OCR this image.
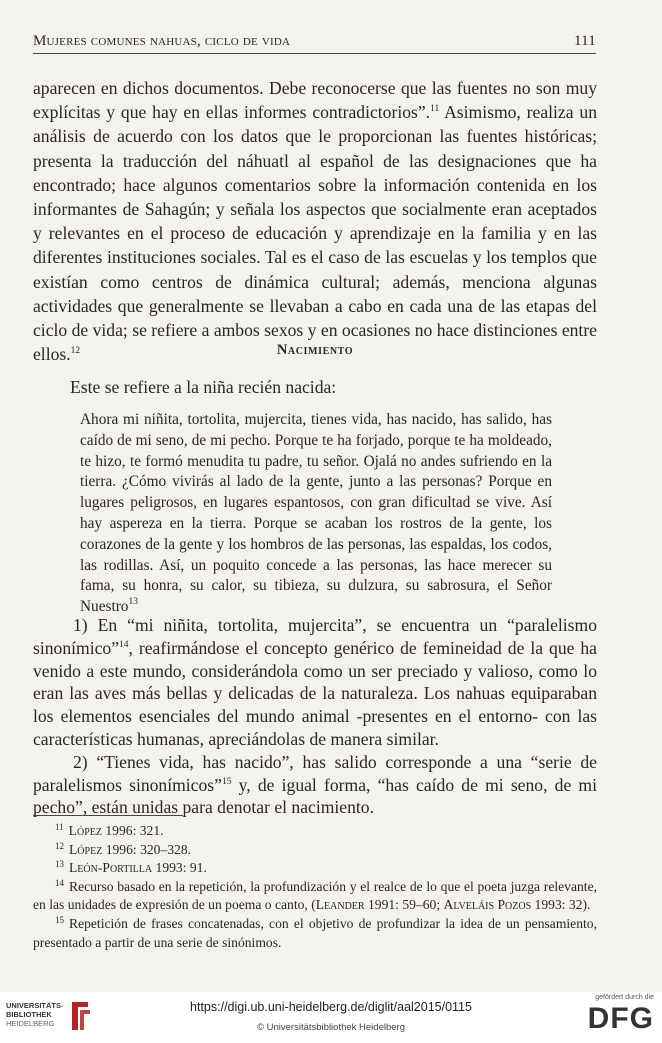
Mujeres comunes nahuas, ciclo de vida	111

aparecen en dichos documentos. Debe reconocerse que las fuentes no son muy explícitas y que hay en ellas informes contradictorios”.$^{11}$ Asimismo, realiza un análisis de acuerdo con los datos que le proporcionan las fuentes históricas; presenta la traducción del náhuatl al español de las designaciones que ha encontrado; hace algunos comentarios sobre la información contenida en los informantes de Sahagún; y señala los aspectos que socialmente eran aceptados y relevantes en el proceso de educación y aprendizaje en la familia y en las diferentes instituciones sociales. Tal es el caso de las escuelas y los templos que existían como centros de dinámica cultural; además, menciona algunas actividades que generalmente se llevaban a cabo en cada una de las etapas del ciclo de vida; se refiere a ambos sexos y en ocasiones no hace distinciones entre ellos.$^{12}$	Nacimiento

Este se refiere a la niña recién nacida:

Ahora mi niñita, tortolita, mujercita, tienes vida, has nacido, has salido, has caído de mi seno, de mi pecho. Porque te ha forjado, porque te ha moldeado, te hizo, te formó menudita tu padre, tu señor. Ojalá no andes sufriendo en la tierra. ¿Cómo vivirás al lado de la gente, junto a las personas? Porque en lugares peligrosos, en lugares espantosos, con gran dificultad se vive. Así hay aspereza en la tierra. Porque se acaban los rostros de la gente, los corazones de la gente y los hombros de las personas, las espaldas, los codos, las rodillas. Así, un poquito concede a las personas, las hace merecer su fama, su honra, su calor, su tibieza, su dulzura, su sabrosura, el Señor Nuestro$^{13}$

1) En “mi niñita, tortolita, mujercita”, se encuentra un “paralelismo sinonímico”$^{14}$, reafirmándose el concepto genérico de femineidad de la que ha venido a este mundo, considerándola como un ser preciado y valioso, como lo eran las aves más bellas y delicadas de la naturaleza. Los nahuas equiparaban los elementos esenciales del mundo animal -presentes en el entorno- con las características humanas, apreciándolas de manera similar.

2) “Tienes vida, has nacido”, has salido corresponde a una “serie de paralelismos sinonímicos”$^{15}$ y, de igual forma, “has caído de mi seno, de mi pecho”, están unidas para denotar el nacimiento.

$^{11}$ López 1996: 321.

$^{12}$ López 1996: 320–328.

$^{13}$ León-Portilla 1993: 91.

$^{14}$ Recurso basado en la repetición, la profundización y el realce de lo que el poeta juzga relevante, en las unidades de expresión de un poema o canto, (Leander 1991: 59–60; Alveláis Pozos 1993: 32).

$^{15}$ Repetición de frases concatenadas, con el objetivo de profundizar la idea de un pensamiento, presentado a partir de una serie de sinónimos.

UNIVERSITÄTS-
BIBLIOTHEK
HEIDELBERG
https://digi.ub.uni-heidelberg.de/diglit/aal2015/0115
© Universitätsbibliothek Heidelberg
gefördert durch die
DFG
